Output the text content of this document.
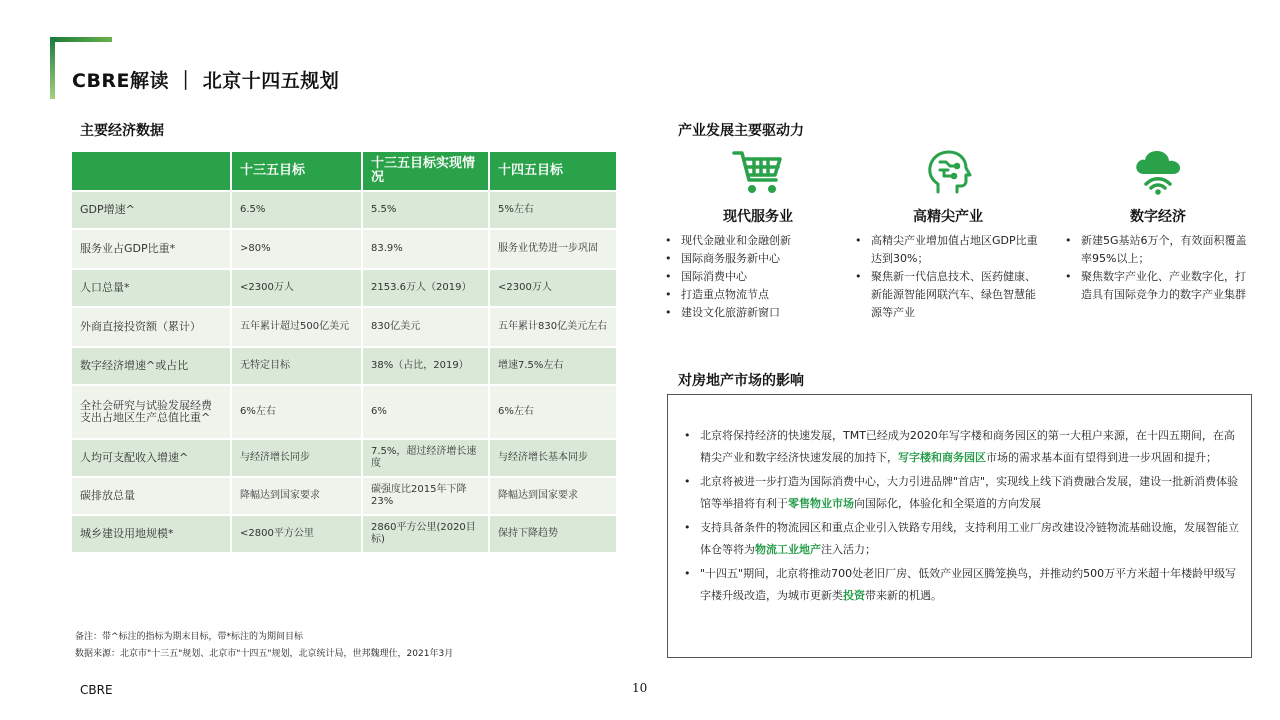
CBRE解读 ｜ 北京十四五规划
主要经济数据
	十三五目标	十三五目标实现情况	十四五目标
GDP增速^	6.5%	5.5%	5%左右
服务业占GDP比重*	>80%	83.9%	服务业优势进一步巩固
人口总量*	<2300万人	2153.6万人（2019）	<2300万人
外商直接投资额（累计）	五年累计超过500亿美元	830亿美元	五年累计830亿美元左右
数字经济增速^或占比	无特定目标	38%（占比，2019）	增速7.5%左右
全社会研究与试验发展经费支出占地区生产总值比重^	6%左右	6%	6%左右
人均可支配收入增速^	与经济增长同步	7.5%，超过经济增长速度	与经济增长基本同步
碳排放总量	降幅达到国家要求	碳强度比2015年下降23%	降幅达到国家要求
城乡建设用地规模*	<2800平方公里	2860平方公里(2020目标)	保持下降趋势
备注：带^标注的指标为期末目标，带*标注的为期间目标
数据来源：北京市"十三五"规划、北京市"十四五"规划，北京统计局，世邦魏理仕，2021年3月
产业发展主要驱动力
现代服务业
• 现代金融业和金融创新
• 国际商务服务新中心
• 国际消费中心
• 打造重点物流节点
• 建设文化旅游新窗口
高精尖产业
• 高精尖产业增加值占地区GDP比重达到30%；
• 聚焦新一代信息技术、医药健康、新能源智能网联汽车、绿色智慧能源等产业
数字经济
• 新建5G基站6万个，有效面积覆盖率95%以上；
• 聚焦数字产业化、产业数字化，打造具有国际竞争力的数字产业集群
对房地产市场的影响
• 北京将保持经济的快速发展，TMT已经成为2020年写字楼和商务园区的第一大租户来源，在十四五期间，在高精尖产业和数字经济快速发展的加持下，写字楼和商务园区市场的需求基本面有望得到进一步巩固和提升；
• 北京将被进一步打造为国际消费中心，大力引进品牌"首店"，实现线上线下消费融合发展，建设一批新消费体验馆等举措将有利于零售物业市场向国际化，体验化和全渠道的方向发展
• 支持具备条件的物流园区和重点企业引入铁路专用线，支持利用工业厂房改建设冷链物流基础设施，发展智能立体仓等将为物流工业地产注入活力；
• "十四五"期间，北京将推动700处老旧厂房、低效产业园区腾笼换鸟，并推动约500万平方米超十年楼龄甲级写字楼升级改造，为城市更新类投资带来新的机遇。
CBRE	10
